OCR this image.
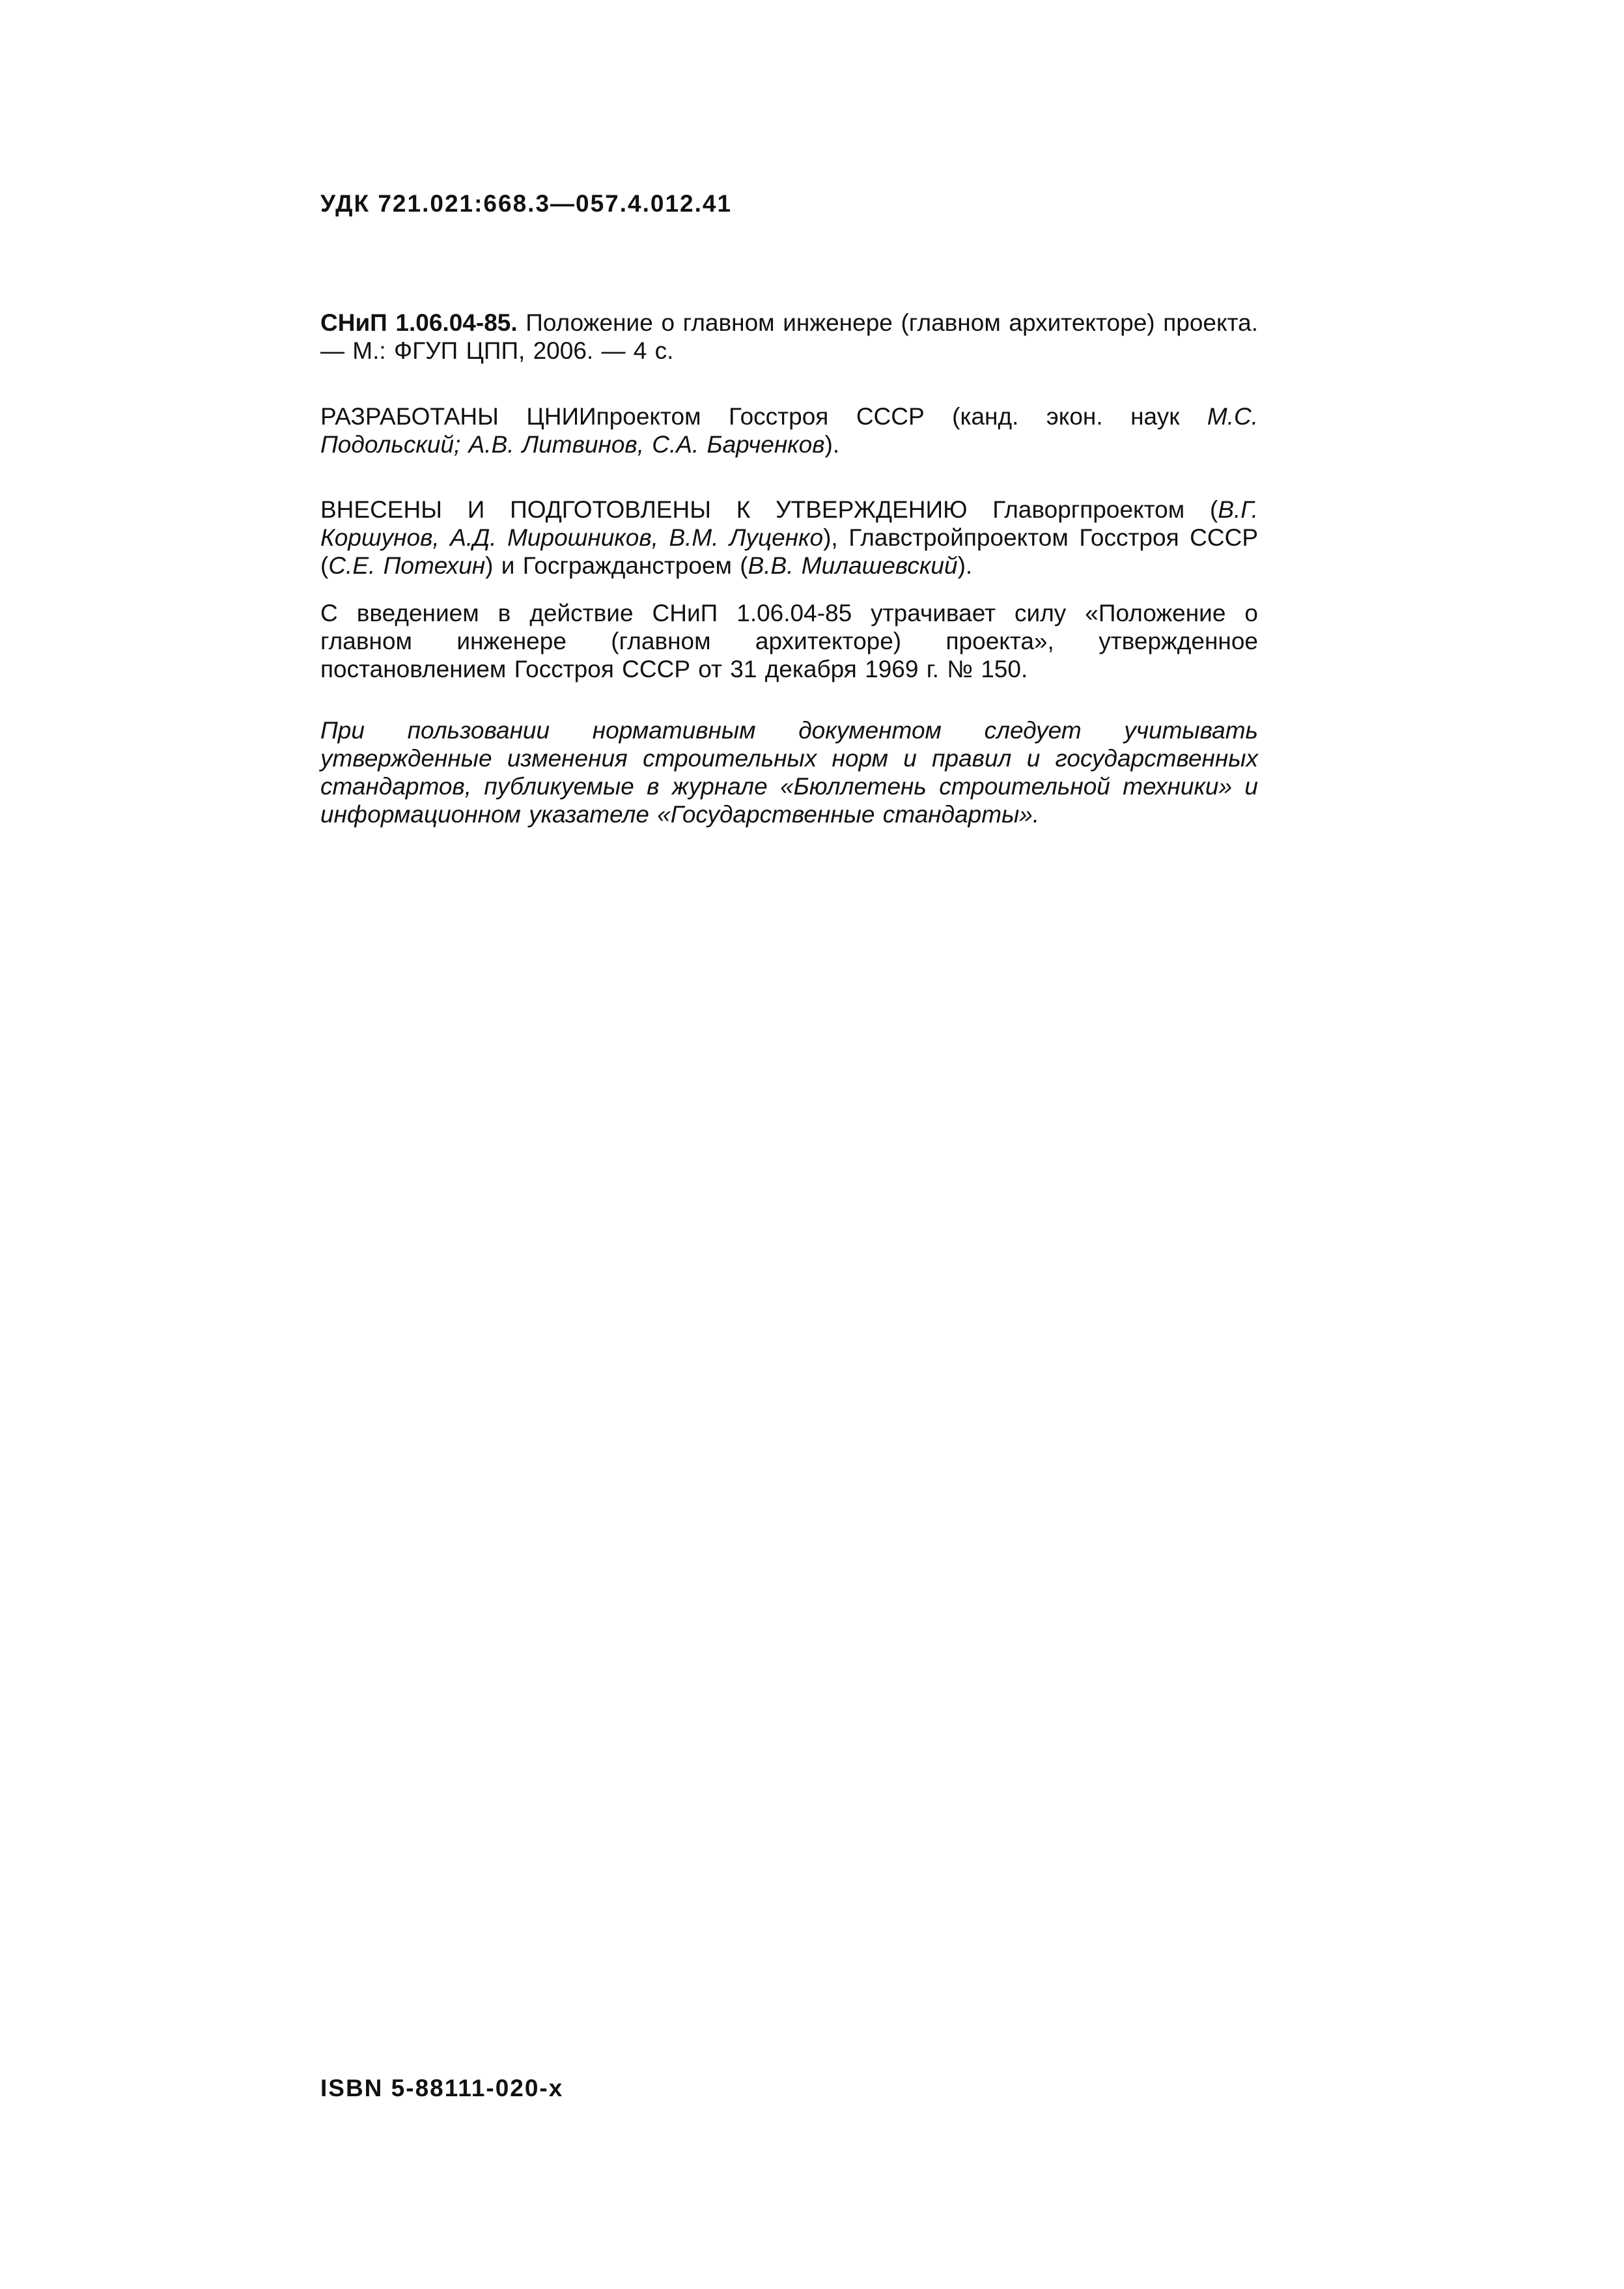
УДК 721.021:668.3—057.4.012.41
СНиП 1.06.04-85. Положение о главном инженере (главном архитекторе) проекта. — М.: ФГУП ЦПП, 2006. — 4 с.
РАЗРАБОТАНЫ ЦНИИпроектом Госстроя СССР (канд. экон. наук М.С. Подольский; А.В. Литвинов, С.А. Барченков).
ВНЕСЕНЫ И ПОДГОТОВЛЕНЫ К УТВЕРЖДЕНИЮ Главоргпроектом (В.Г. Коршунов, А.Д. Мирошников, В.М. Луценко), Главстройпроектом Госстроя СССР (С.Е. Потехин) и Госгражданстроем (В.В. Милашевский).
С введением в действие СНиП 1.06.04-85 утрачивает силу «Положение о главном инженере (главном архитекторе) проекта», утвержденное постановлением Госстроя СССР от 31 декабря 1969 г. № 150.
При пользовании нормативным документом следует учитывать утвержденные изменения строительных норм и правил и государственных стандартов, публикуемые в журнале «Бюллетень строительной техники» и информационном указателе «Государственные стандарты».
ISBN 5-88111-020-x
